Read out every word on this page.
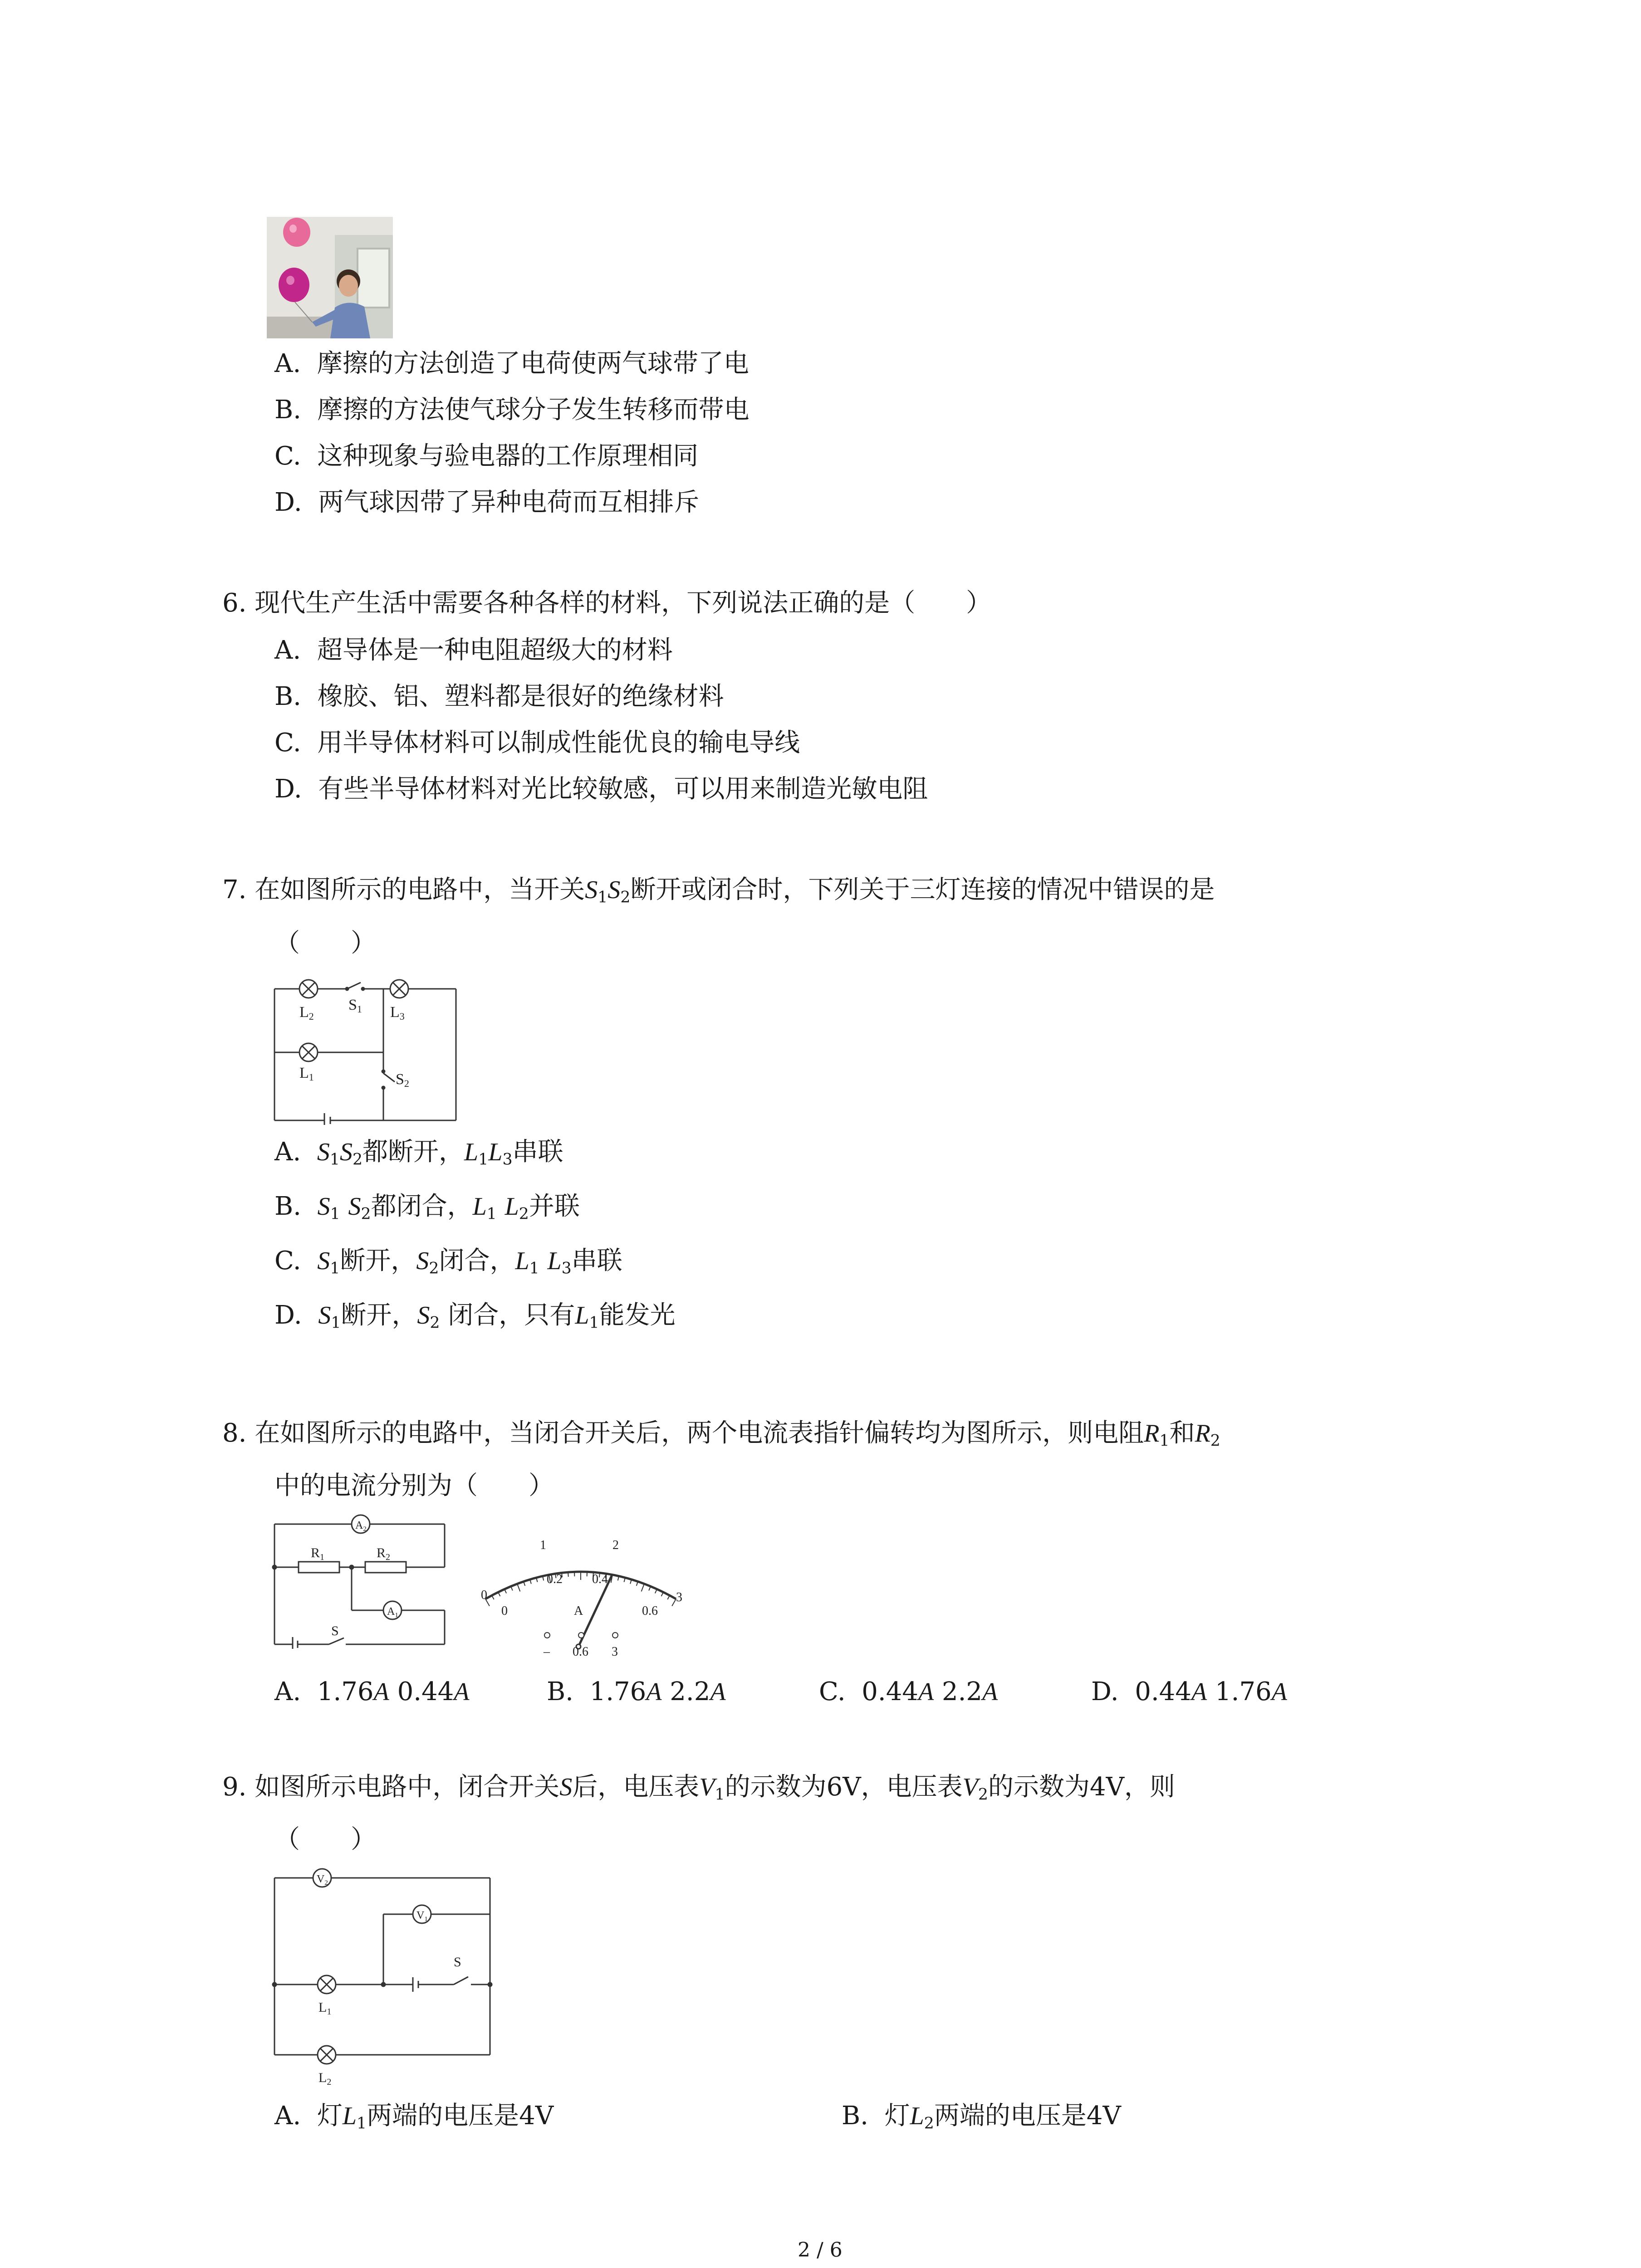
A. 摩擦的方法创造了电荷使两气球带了电
B. 摩擦的方法使气球分子发生转移而带电
C. 这种现象与验电器的工作原理相同
D. 两气球因带了异种电荷而互相排斥
6. 现代生产生活中需要各种各样的材料，下列说法正确的是（　　）
A. 超导体是一种电阻超级大的材料
B. 橡胶、铝、塑料都是很好的绝缘材料
C. 用半导体材料可以制成性能优良的输电导线
D. 有些半导体材料对光比较敏感，可以用来制造光敏电阻
7. 在如图所示的电路中，当开关$S_1S_2$断开或闭合时，下列关于三灯连接的情况中错误的是
（　　）
L2	L3
L1
S1
S2
A. $S_1S_2$都断开，$L_1L_3$串联
B. $S_1$ $S_2$都闭合，$L_1$ $L_2$并联
C. $S_1$断开，$S_2$闭合，$L_1$ $L_3$串联
D. $S_1$断开，$S_2$ 闭合，只有$L_1$能发光
8. 在如图所示的电路中，当闭合开关后，两个电流表指针偏转均为图所示，则电阻$R_1$和$R_2$
中的电流分别为（　　）
$A_2$
$A_1$
$R_1$	$R_2$
S
0
1	2
3
0
0.2 0.4
0.6
A
– 0.6 3
A. 1.76A 0.44A	B. 1.76A 2.2A	C. 0.44A 2.2A	D. 0.44A 1.76A
9. 如图所示电路中，闭合开关S后，电压表$V_1$的示数为6V，电压表$V_2$的示数为4V，则
（　　）
$V_2$
$V_1$
S
$L_1$
$L_2$
A. 灯$L_1$两端的电压是4V	B. 灯$L_2$两端的电压是4V
2 / 6
